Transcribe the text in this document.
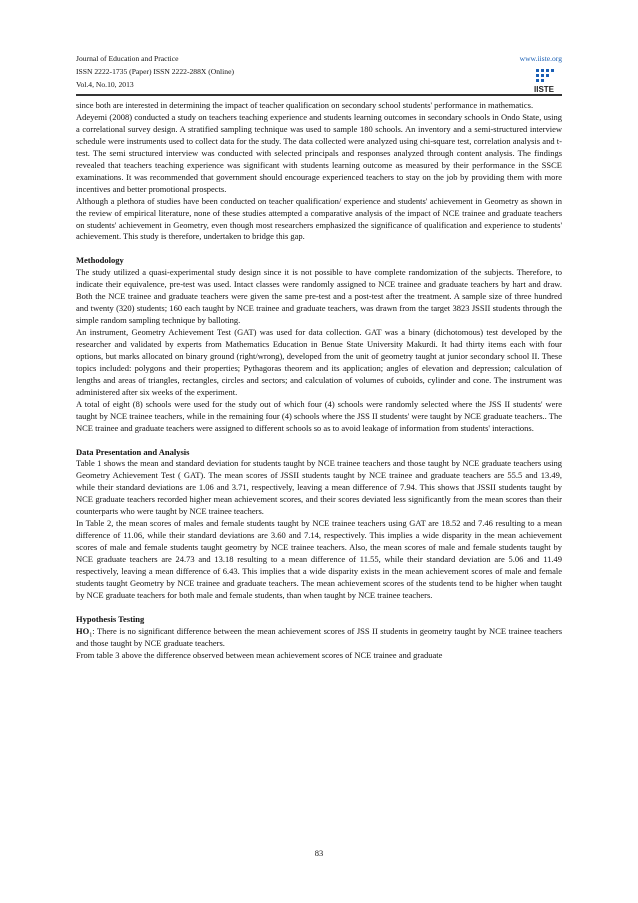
Journal of Education and Practice
ISSN 2222-1735 (Paper) ISSN 2222-288X (Online)
Vol.4, No.10, 2013
www.iiste.org
IISTE

since both are interested in determining the impact of teacher qualification on secondary school students' performance in mathematics.

Adeyemi (2008) conducted a study on teachers teaching experience and students learning outcomes in secondary schools in Ondo State, using a correlational survey design. A stratified sampling technique was used to sample 180 schools. An inventory and a semi-structured interview schedule were instruments used to collect data for the study. The data collected were analyzed using chi-square test, correlation analysis and t-test. The semi structured interview was conducted with selected principals and responses analyzed through content analysis. The findings revealed that teachers teaching experience was significant with students learning outcome as measured by their performance in the SSCE examinations. It was recommended that government should encourage experienced teachers to stay on the job by providing them with more incentives and better promotional prospects.

Although a plethora of studies have been conducted on teacher qualification/ experience and students' achievement in Geometry as shown in the review of empirical literature, none of these studies attempted a comparative analysis of the impact of NCE trainee and graduate teachers on students' achievement in Geometry, even though most researchers emphasized the significance of qualification and experience to students' achievement. This study is therefore, undertaken to bridge this gap.

Methodology

The study utilized a quasi-experimental study design since it is not possible to have complete randomization of the subjects. Therefore, to indicate their equivalence, pre-test was used. Intact classes were randomly assigned to NCE trainee and graduate teachers by hart and draw. Both the NCE trainee and graduate teachers were given the same pre-test and a post-test after the treatment. A sample size of three hundred and twenty (320) students; 160 each taught by NCE trainee and graduate teachers, was drawn from the target 3823 JSSII students through the simple random sampling technique by balloting.

An instrument, Geometry Achievement Test (GAT) was used for data collection. GAT was a binary (dichotomous) test developed by the researcher and validated by experts from Mathematics Education in Benue State University Makurdi. It had thirty items each with four options, but marks allocated on binary ground (right/wrong), developed from the unit of geometry taught at junior secondary school II. These topics included: polygons and their properties; Pythagoras theorem and its application; angles of elevation and depression; calculation of lengths and areas of triangles, rectangles, circles and sectors; and calculation of volumes of cuboids, cylinder and cone. The instrument was administered after six weeks of the experiment.

A total of eight (8) schools were used for the study out of which four (4) schools were randomly selected where the JSS II students' were taught by NCE trainee teachers, while in the remaining four (4) schools where the JSS II students' were taught by NCE graduate teachers.. The NCE trainee and graduate teachers were assigned to different schools so as to avoid leakage of information from students' interactions.

Data Presentation and Analysis

Table 1 shows the mean and standard deviation for students taught by NCE trainee teachers and those taught by NCE graduate teachers using Geometry Achievement Test ( GAT). The mean scores of JSSII students taught by NCE trainee and graduate teachers are 55.5 and 13.49, while their standard deviations are 1.06 and 3.71, respectively, leaving a mean difference of 7.94. This shows that JSSII students taught by NCE graduate teachers recorded higher mean achievement scores, and their scores deviated less significantly from the mean scores than their counterparts who were taught by NCE trainee teachers.

In Table 2, the mean scores of males and female students taught by NCE trainee teachers using GAT are 18.52 and 7.46 resulting to a mean difference of 11.06, while their standard deviations are 3.60 and 7.14, respectively. This implies a wide disparity in the mean achievement scores of male and female students taught geometry by NCE trainee teachers. Also, the mean scores of male and female students taught by NCE graduate teachers are 24.73 and 13.18 resulting to a mean difference of 11.55, while their standard deviation are 5.06 and 11.49 respectively, leaving a mean difference of 6.43. This implies that a wide disparity exists in the mean achievement scores of male and female students taught Geometry by NCE trainee and graduate teachers. The mean achievement scores of the students tend to be higher when taught by NCE graduate teachers for both male and female students, than when taught by NCE trainee teachers.

Hypothesis Testing

$HO_1$: There is no significant difference between the mean achievement scores of JSS II students in geometry taught by NCE trainee teachers and those taught by NCE graduate teachers.

From table 3 above the difference observed between mean achievement scores of NCE trainee and graduate

83
